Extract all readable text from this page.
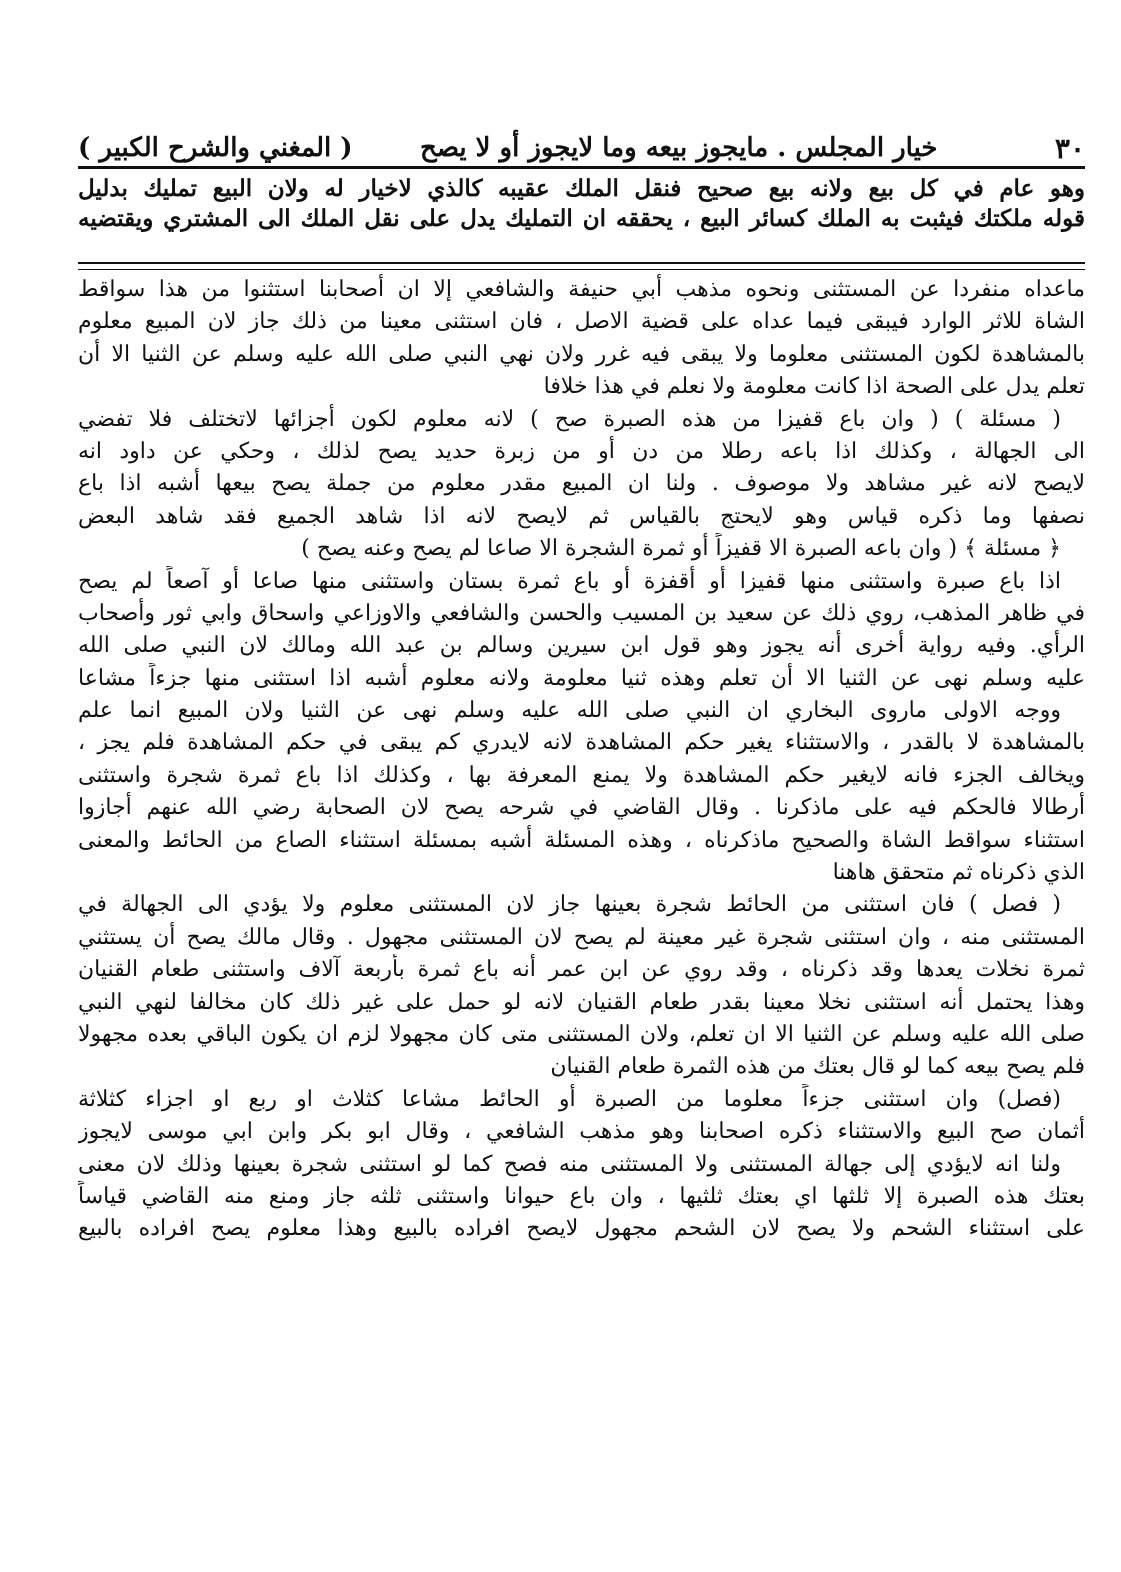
٣٠
خيار المجلس . مايجوز بيعه وما لايجوز أو لا يصح
( المغني والشرح الكبير )
وهو عام في كل بيع ولانه بيع صحيح فنقل الملك عقيبه كالذي لاخيار له ولان البيع تمليك بدليل
قوله ملكتك فيثبت به الملك كسائر البيع ، يحققه ان التمليك يدل على نقل الملك الى المشتري ويقتضيه
ماعداه منفردا عن المستثنى ونحوه مذهب أبي حنيفة والشافعي إلا ان أصحابنا استثنوا من هذا سواقط
الشاة للاثر الوارد فيبقى فيما عداه على قضية الاصل ، فان استثنى معينا من ذلك جاز لان المبيع معلوم
بالمشاهدة لكون المستثنى معلوما ولا يبقى فيه غرر ولان نهي النبي صلى الله عليه وسلم عن الثنيا الا أن
تعلم يدل على الصحة اذا كانت معلومة ولا نعلم في هذا خلافا
( مسئلة ) ( وان باع قفيزا من هذه الصبرة صح ) لانه معلوم لكون أجزائها لاتختلف فلا تفضي
الى الجهالة ، وكذلك اذا باعه رطلا من دن أو من زبرة حديد يصح لذلك ، وحكي عن داود انه
لايصح لانه غير مشاهد ولا موصوف . ولنا ان المبيع مقدر معلوم من جملة يصح بيعها أشبه اذا باع
نصفها وما ذكره قياس وهو لايحتج بالقياس ثم لايصح لانه اذا شاهد الجميع فقد شاهد البعض
﴿ مسئلة ﴾ ( وان باعه الصبرة الا قفيزاً أو ثمرة الشجرة الا صاعا لم يصح وعنه يصح )
اذا باع صبرة واستثنى منها قفيزا أو أقفزة أو باع ثمرة بستان واستثنى منها صاعا أو آصعاً لم يصح
في ظاهر المذهب، روي ذلك عن سعيد بن المسيب والحسن والشافعي والاوزاعي واسحاق وابي ثور وأصحاب
الرأي. وفيه رواية أخرى أنه يجوز وهو قول ابن سيرين وسالم بن عبد الله ومالك لان النبي صلى الله
عليه وسلم نهى عن الثنيا الا أن تعلم وهذه ثنيا معلومة ولانه معلوم أشبه اذا استثنى منها جزءاً مشاعا
ووجه الاولى ماروى البخاري ان النبي صلى الله عليه وسلم نهى عن الثنيا ولان المبيع انما علم
بالمشاهدة لا بالقدر ، والاستثناء يغير حكم المشاهدة لانه لايدري كم يبقى في حكم المشاهدة فلم يجز ،
ويخالف الجزء فانه لايغير حكم المشاهدة ولا يمنع المعرفة بها ، وكذلك اذا باع ثمرة شجرة واستثنى
أرطالا فالحكم فيه على ماذكرنا . وقال القاضي في شرحه يصح لان الصحابة رضي الله عنهم أجازوا
استثناء سواقط الشاة والصحيح ماذكرناه ، وهذه المسئلة أشبه بمسئلة استثناء الصاع من الحائط والمعنى
الذي ذكرناه ثم متحقق هاهنا
( فصل ) فان استثنى من الحائط شجرة بعينها جاز لان المستثنى معلوم ولا يؤدي الى الجهالة في
المستثنى منه ، وان استثنى شجرة غير معينة لم يصح لان المستثنى مجهول . وقال مالك يصح أن يستثني
ثمرة نخلات يعدها وقد ذكرناه ، وقد روي عن ابن عمر أنه باع ثمرة بأربعة آلاف واستثنى طعام القنيان
وهذا يحتمل أنه استثنى نخلا معينا بقدر طعام القنيان لانه لو حمل على غير ذلك كان مخالفا لنهي النبي
صلى الله عليه وسلم عن الثنيا الا ان تعلم، ولان المستثنى متى كان مجهولا لزم ان يكون الباقي بعده مجهولا
فلم يصح بيعه كما لو قال بعتك من هذه الثمرة طعام القنيان
(فصل) وان استثنى جزءاً معلوما من الصبرة أو الحائط مشاعا كثلاث او ربع او اجزاء كثلاثة
أثمان صح البيع والاستثناء ذكره اصحابنا وهو مذهب الشافعي ، وقال ابو بكر وابن ابي موسى لايجوز
ولنا انه لايؤدي إلى جهالة المستثنى ولا المستثنى منه فصح كما لو استثنى شجرة بعينها وذلك لان معنى
بعتك هذه الصبرة إلا ثلثها اي بعتك ثلثيها ، وان باع حيوانا واستثنى ثلثه جاز ومنع منه القاضي قياساً
على استثناء الشحم ولا يصح لان الشحم مجهول لايصح افراده بالبيع وهذا معلوم يصح افراده بالبيع
